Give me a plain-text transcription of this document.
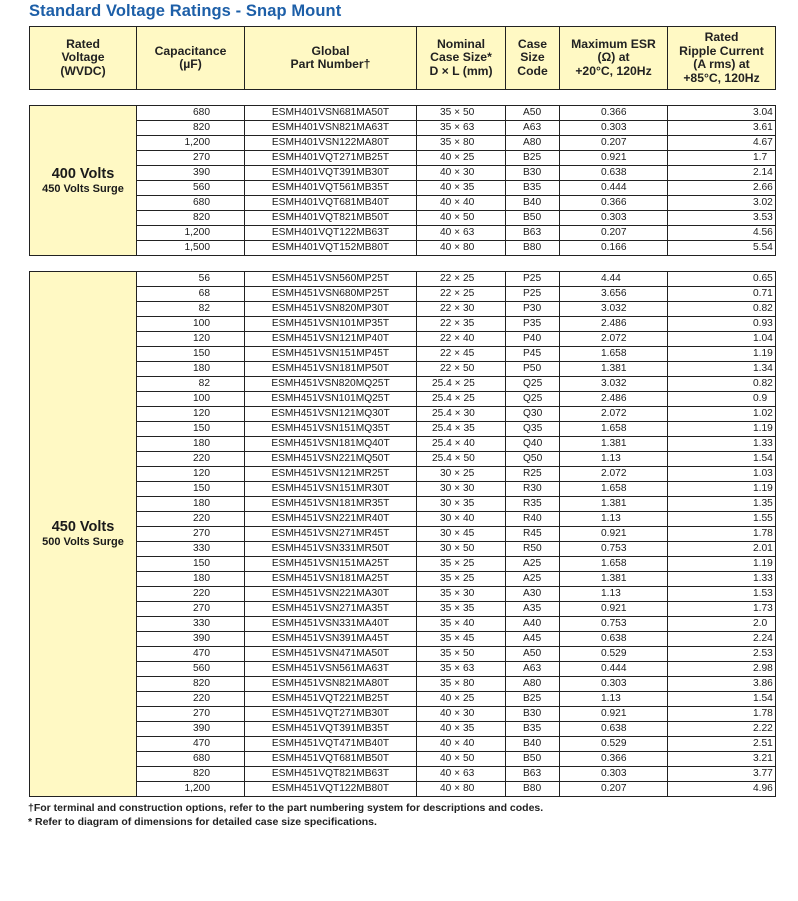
Standard Voltage Ratings - Snap Mount
Rated
Voltage
(WVDC)	Capacitance
(µF)	Global
Part Number†	Nominal
Case Size*
D × L (mm)	Case
Size
Code	Maximum ESR
(Ω) at
+20°C, 120Hz	Rated
Ripple Current
(A rms) at
+85°C, 120Hz
400 Volts
450 Volts Surge	680	ESMH401VSN681MA50T	35 × 50	A50	0.366	3.04
	820	ESMH401VSN821MA63T	35 × 63	A63	0.303	3.61
	1,200	ESMH401VSN122MA80T	35 × 80	A80	0.207	4.67
	270	ESMH401VQT271MB25T	40 × 25	B25	0.921	1.7
	390	ESMH401VQT391MB30T	40 × 30	B30	0.638	2.14
	560	ESMH401VQT561MB35T	40 × 35	B35	0.444	2.66
	680	ESMH401VQT681MB40T	40 × 40	B40	0.366	3.02
	820	ESMH401VQT821MB50T	40 × 50	B50	0.303	3.53
	1,200	ESMH401VQT122MB63T	40 × 63	B63	0.207	4.56
	1,500	ESMH401VQT152MB80T	40 × 80	B80	0.166	5.54
450 Volts
500 Volts Surge	56	ESMH451VSN560MP25T	22 × 25	P25	4.44	0.65
	68	ESMH451VSN680MP25T	22 × 25	P25	3.656	0.71
	82	ESMH451VSN820MP30T	22 × 30	P30	3.032	0.82
	100	ESMH451VSN101MP35T	22 × 35	P35	2.486	0.93
	120	ESMH451VSN121MP40T	22 × 40	P40	2.072	1.04
	150	ESMH451VSN151MP45T	22 × 45	P45	1.658	1.19
	180	ESMH451VSN181MP50T	22 × 50	P50	1.381	1.34
	82	ESMH451VSN820MQ25T	25.4 × 25	Q25	3.032	0.82
	100	ESMH451VSN101MQ25T	25.4 × 25	Q25	2.486	0.9
	120	ESMH451VSN121MQ30T	25.4 × 30	Q30	2.072	1.02
	150	ESMH451VSN151MQ35T	25.4 × 35	Q35	1.658	1.19
	180	ESMH451VSN181MQ40T	25.4 × 40	Q40	1.381	1.33
	220	ESMH451VSN221MQ50T	25.4 × 50	Q50	1.13	1.54
	120	ESMH451VSN121MR25T	30 × 25	R25	2.072	1.03
	150	ESMH451VSN151MR30T	30 × 30	R30	1.658	1.19
	180	ESMH451VSN181MR35T	30 × 35	R35	1.381	1.35
	220	ESMH451VSN221MR40T	30 × 40	R40	1.13	1.55
	270	ESMH451VSN271MR45T	30 × 45	R45	0.921	1.78
	330	ESMH451VSN331MR50T	30 × 50	R50	0.753	2.01
	150	ESMH451VSN151MA25T	35 × 25	A25	1.658	1.19
	180	ESMH451VSN181MA25T	35 × 25	A25	1.381	1.33
	220	ESMH451VSN221MA30T	35 × 30	A30	1.13	1.53
	270	ESMH451VSN271MA35T	35 × 35	A35	0.921	1.73
	330	ESMH451VSN331MA40T	35 × 40	A40	0.753	2.0
	390	ESMH451VSN391MA45T	35 × 45	A45	0.638	2.24
	470	ESMH451VSN471MA50T	35 × 50	A50	0.529	2.53
	560	ESMH451VSN561MA63T	35 × 63	A63	0.444	2.98
	820	ESMH451VSN821MA80T	35 × 80	A80	0.303	3.86
	220	ESMH451VQT221MB25T	40 × 25	B25	1.13	1.54
	270	ESMH451VQT271MB30T	40 × 30	B30	0.921	1.78
	390	ESMH451VQT391MB35T	40 × 35	B35	0.638	2.22
	470	ESMH451VQT471MB40T	40 × 40	B40	0.529	2.51
	680	ESMH451VQT681MB50T	40 × 50	B50	0.366	3.21
	820	ESMH451VQT821MB63T	40 × 63	B63	0.303	3.77
	1,200	ESMH451VQT122MB80T	40 × 80	B80	0.207	4.96
†For terminal and construction options, refer to the part numbering system for descriptions and codes.
* Refer to diagram of dimensions for detailed case size specifications.
